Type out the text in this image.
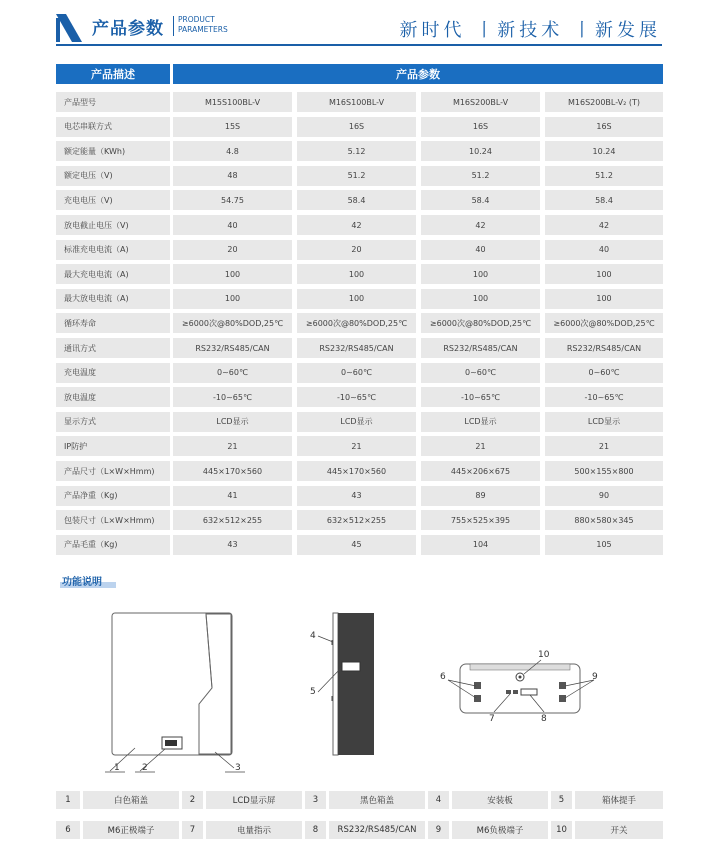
产品参数 PRODUCT
PARAMETERS	新时代 丨新技术 丨新发展
产品描述	产品参数
产品型号	M15S100BL-V	M16S100BL-V	M16S200BL-V	M16S200BL-V₂ (T)
电芯串联方式	15S	16S	16S	16S
额定能量（KWh)	4.8	5.12	10.24	10.24
额定电压（V)	48	51.2	51.2	51.2
充电电压（V)	54.75	58.4	58.4	58.4
放电截止电压（V)	40	42	42	42
标准充电电流（A)	20	20	40	40
最大充电电流（A)	100	100	100	100
最大放电电流（A)	100	100	100	100
循环寿命	≥6000次@80%DOD,25℃	≥6000次@80%DOD,25℃	≥6000次@80%DOD,25℃	≥6000次@80%DOD,25℃
通讯方式	RS232/RS485/CAN	RS232/RS485/CAN	RS232/RS485/CAN	RS232/RS485/CAN
充电温度	0~60℃	0~60℃	0~60℃	0~60℃
放电温度	-10~65℃	-10~65℃	-10~65℃	-10~65℃
显示方式	LCD显示	LCD显示	LCD显示	LCD显示
IP防护	21	21	21	21
产品尺寸（L×W×Hmm)	445×170×560	445×170×560	445×206×675	500×155×800
产品净重（Kg)	41	43	89	90
包装尺寸（L×W×Hmm)	632×512×255	632×512×255	755×525×395	880×580×345
产品毛重（Kg)	43	45	104	105
功能说明
1 2	3
4
5
6
7	8
9
10
1	白色箱盖	2	LCD显示屏	3	黑色箱盖	4	安装板	5	箱体提手
6	M6正极端子	7	电量指示	8	RS232/RS485/CAN	9	M6负极端子	10	开关
